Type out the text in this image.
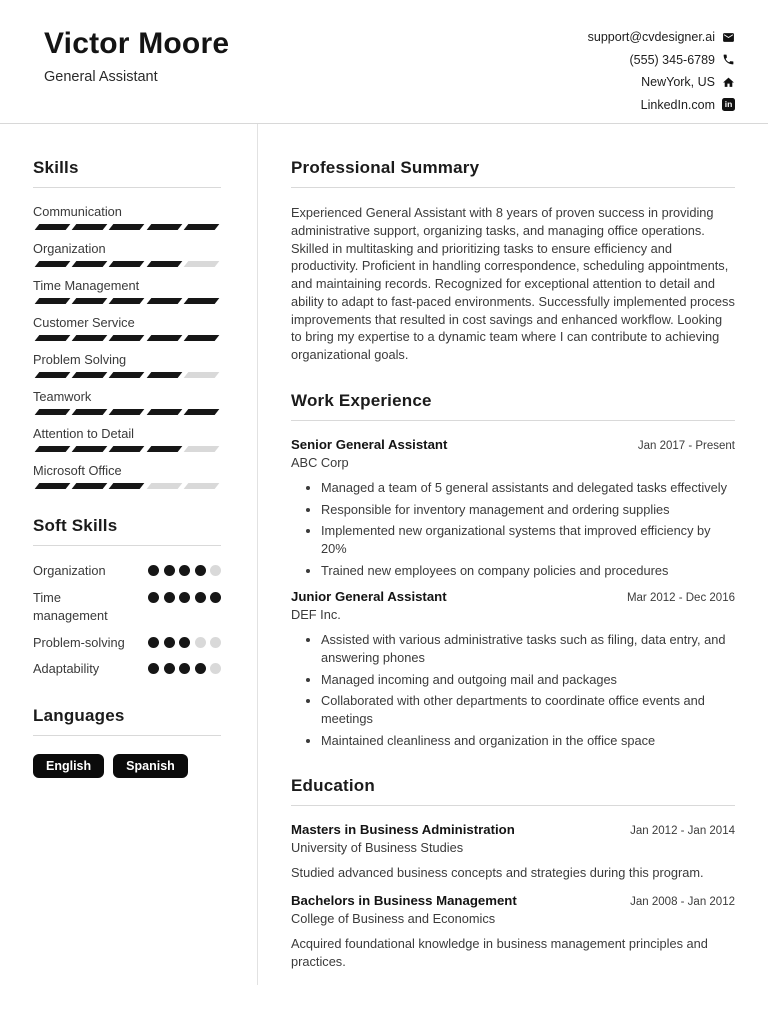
Victor Moore
General Assistant
support@cvdesigner.ai
(555) 345-6789
NewYork, US
LinkedIn.com	in
Skills
Communication
Organization
Time Management
Customer Service
Problem Solving
Teamwork
Attention to Detail
Microsoft Office
Soft Skills
Organization
Time management
Problem-solving
Adaptability
Languages
English	Spanish
Professional Summary

Experienced General Assistant with 8 years of proven success in providing administrative support, organizing tasks, and managing office operations. Skilled in multitasking and prioritizing tasks to ensure efficiency and productivity. Proficient in handling correspondence, scheduling appointments, and maintaining records. Recognized for exceptional attention to detail and ability to adapt to fast-paced environments. Successfully implemented process improvements that resulted in cost savings and enhanced workflow. Looking to bring my expertise to a dynamic team where I can contribute to achieving organizational goals.

Work Experience
Senior General Assistant	Jan 2017 - Present
ABC Corp
• Managed a team of 5 general assistants and delegated tasks effectively
• Responsible for inventory management and ordering supplies
• Implemented new organizational systems that improved efficiency by 20%
• Trained new employees on company policies and procedures
Junior General Assistant	Mar 2012 - Dec 2016
DEF Inc.
• Assisted with various administrative tasks such as filing, data entry, and answering phones
• Managed incoming and outgoing mail and packages
• Collaborated with other departments to coordinate office events and meetings
• Maintained cleanliness and organization in the office space
Education
Masters in Business Administration	Jan 2012 - Jan 2014
University of Business Studies

Studied advanced business concepts and strategies during this program.

Bachelors in Business Management	Jan 2008 - Jan 2012
College of Business and Economics

Acquired foundational knowledge in business management principles and practices.
